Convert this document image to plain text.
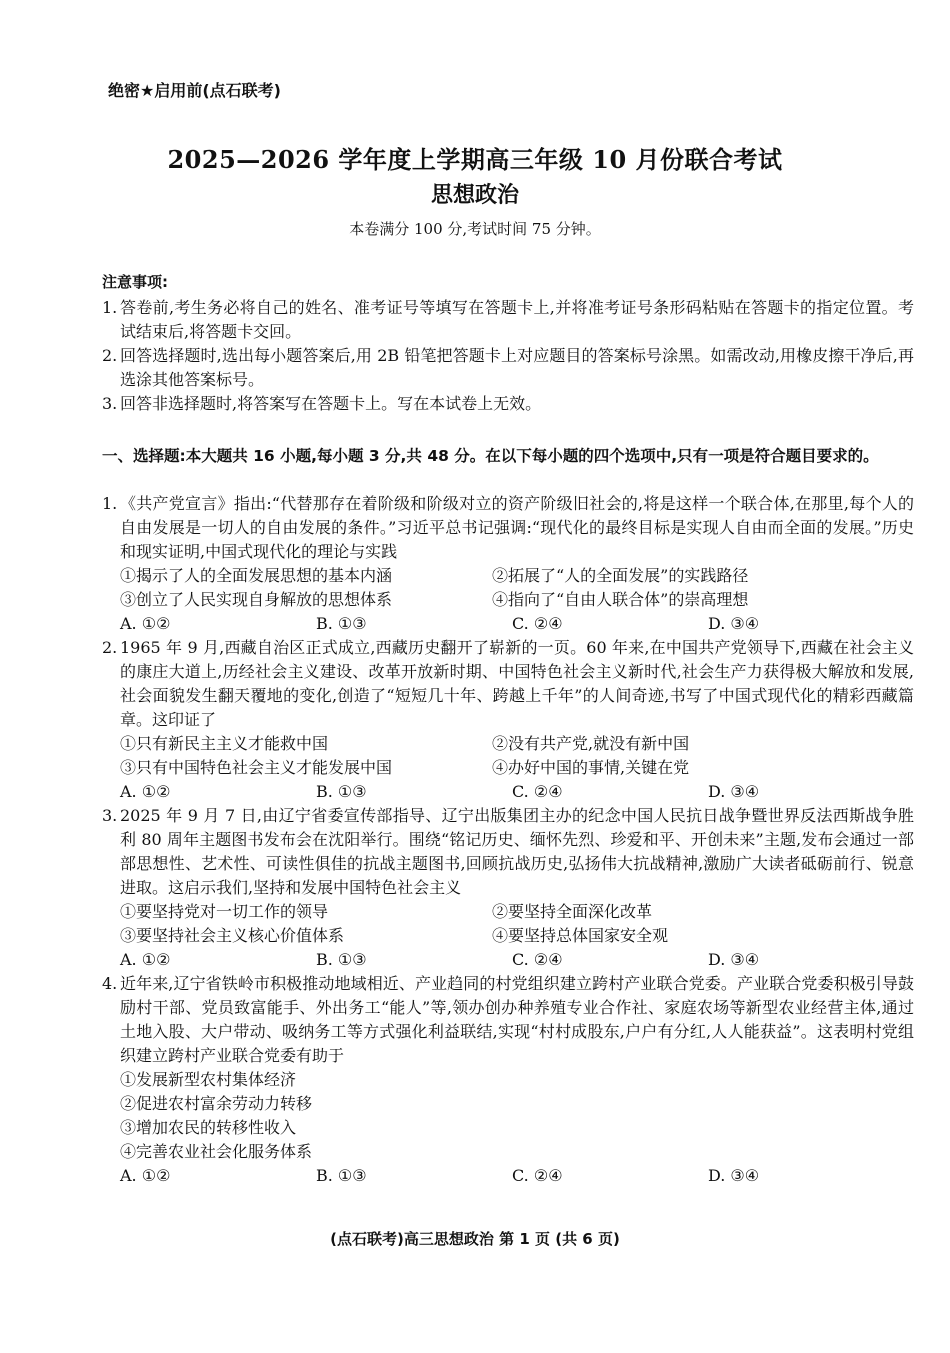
绝密★启用前(点石联考)
2025—2026 学年度上学期高三年级 10 月份联合考试
思想政治
本卷满分 100 分,考试时间 75 分钟。
注意事项:
1. 答卷前,考生务必将自己的姓名、准考证号等填写在答题卡上,并将准考证号条形码粘贴在答题卡的指定位置。考试结束后,将答题卡交回。
2. 回答选择题时,选出每小题答案后,用 2B 铅笔把答题卡上对应题目的答案标号涂黑。如需改动,用橡皮擦干净后,再选涂其他答案标号。
3. 回答非选择题时,将答案写在答题卡上。写在本试卷上无效。
一、 选择题:本大题共 16 小题,每小题 3 分,共 48 分。在以下每小题的四个选项中,只有一项是符合题目要求的。
1. 《共产党宣言》指出:“代替那存在着阶级和阶级对立的资产阶级旧社会的,将是这样一个联合体,在那里,每个人的自由发展是一切人的自由发展的条件。”习近平总书记强调:“现代化的最终目标是实现人自由而全面的发展。”历史和现实证明,中国式现代化的理论与实践
①揭示了人的全面发展思想的基本内涵	②拓展了“人的全面发展”的实践路径
③创立了人民实现自身解放的思想体系	④指向了“自由人联合体”的崇高理想
A. ①②	B. ①③	C. ②④	D. ③④
2. 1965 年 9 月,西藏自治区正式成立,西藏历史翻开了崭新的一页。60 年来,在中国共产党领导下,西藏在社会主义的康庄大道上,历经社会主义建设、改革开放新时期、中国特色社会主义新时代,社会生产力获得极大解放和发展,社会面貌发生翻天覆地的变化,创造了“短短几十年、跨越上千年”的人间奇迹,书写了中国式现代化的精彩西藏篇章。这印证了
①只有新民主主义才能救中国	②没有共产党,就没有新中国
③只有中国特色社会主义才能发展中国	④办好中国的事情,关键在党
A. ①②	B. ①③	C. ②④	D. ③④
3. 2025 年 9 月 7 日,由辽宁省委宣传部指导、辽宁出版集团主办的纪念中国人民抗日战争暨世界反法西斯战争胜利 80 周年主题图书发布会在沈阳举行。围绕“铭记历史、缅怀先烈、珍爱和平、开创未来”主题,发布会通过一部部思想性、艺术性、可读性俱佳的抗战主题图书,回顾抗战历史,弘扬伟大抗战精神,激励广大读者砥砺前行、锐意进取。这启示我们,坚持和发展中国特色社会主义
①要坚持党对一切工作的领导	②要坚持全面深化改革
③要坚持社会主义核心价值体系	④要坚持总体国家安全观
A. ①②	B. ①③	C. ②④	D. ③④
4. 近年来,辽宁省铁岭市积极推动地域相近、产业趋同的村党组织建立跨村产业联合党委。产业联合党委积极引导鼓励村干部、党员致富能手、外出务工“能人”等,领办创办种养殖专业合作社、家庭农场等新型农业经营主体,通过土地入股、大户带动、吸纳务工等方式强化利益联结,实现“村村成股东,户户有分红,人人能获益”。这表明村党组织建立跨村产业联合党委有助于
①发展新型农村集体经济
②促进农村富余劳动力转移
③增加农民的转移性收入
④完善农业社会化服务体系
A. ①②	B. ①③	C. ②④	D. ③④
(点石联考)高三思想政治 第 1 页 (共 6 页)
